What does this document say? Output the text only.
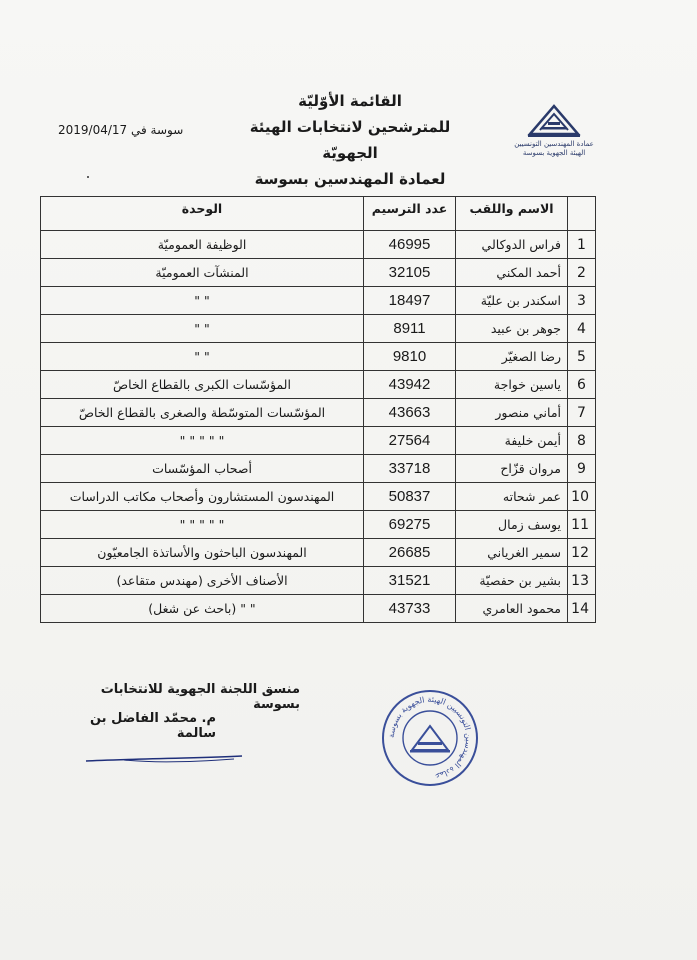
عمادة المهندسين التونسيين
الهيئة الجهوية بسوسة
القائمة الأوّليّة
للمترشحين لانتخابات الهيئة الجهويّة
لعمادة المهندسين بسوسة
سوسة في 2019/04/17
	الاسم واللقب	عدد الترسيم	الوحدة
1	فراس الدوكالي	46995	الوظيفة العموميّة
2	أحمد المكني	32105	المنشآت العموميّة
3	اسكندر بن عليّة	18497	" "
4	جوهر بن عبيد	8911	" "
5	رضا الصغيّر	9810	" "
6	ياسين خواجة	43942	المؤسّسات الكبرى بالقطاع الخاصّ
7	أماني منصور	43663	المؤسّسات المتوسّطة والصغرى بالقطاع الخاصّ
8	أيمن خليفة	27564	" " " " "
9	مروان قزّاح	33718	أصحاب المؤسّسات
10	عمر شحاته	50837	المهندسون المستشارون وأصحاب مكاتب الدراسات
11	يوسف زمال	69275	" " " " "
12	سمير الغرياني	26685	المهندسون الباحثون والأساتذة الجامعيّون
13	بشير بن حفصيّة	31521	الأصناف الأخرى (مهندس متقاعد)
14	محمود العامري	43733	" " (باحث عن شغل)
منسق اللجنة الجهوية للانتخابات بسوسة
م. محمّد الفاضل بن سالمة	عمادة المهندسين التونسيين الهيئة الجهوية بسوسة
